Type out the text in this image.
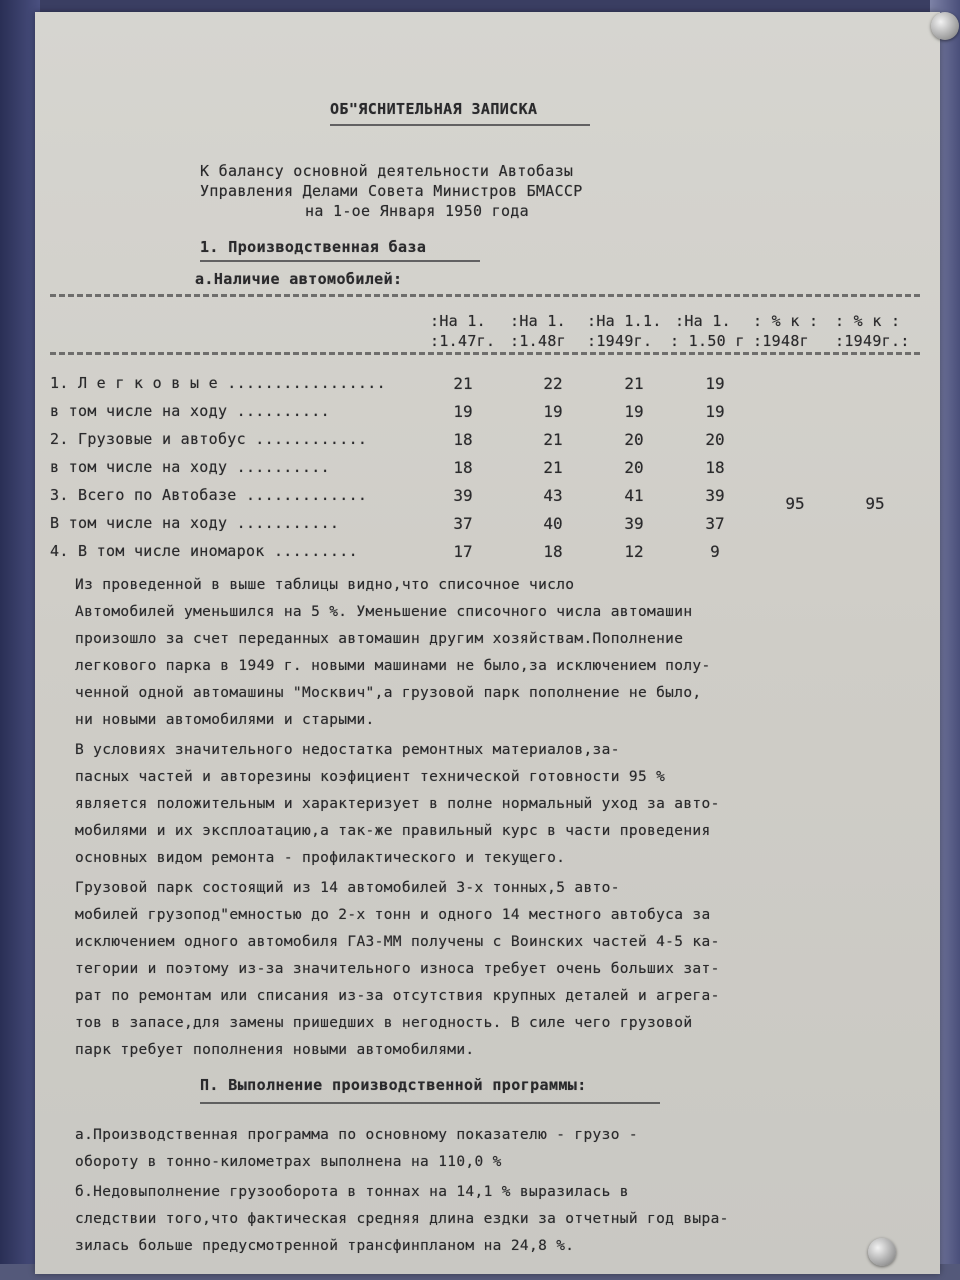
ОБ"ЯСНИТЕЛЬНАЯ ЗАПИСКА
К балансу основной деятельности Автобазы
Управления Делами Совета Министров БМАССР
на 1-ое Января 1950 года
1. Производственная база
а.Наличие автомобилей:
:На 1. :На 1. :На 1.1. :На 1. : % к : : % к :
:1.47г. :1.48г :1949г. : 1.50 г :1948г :1949г.:
1. Л е г к о в ы е .................	21	22	21	19
в том числе на ходу ..........	19	19	19	19
2. Грузовые и автобус ............	18	21	20	20
в том числе на ходу ..........	18	21	20	18
3. Всего по Автобазе .............	39	43	41	39	95	95
В том числе на ходу ...........	37	40	39	37
4. В том числе иномарок .........	17	18	12	9
Из проведенной в выше таблицы видно,что списочное число
Автомобилей уменьшился на 5 %. Уменьшение списочного числа автомашин
произошло за счет переданных автомашин другим хозяйствам.Пополнение
легкового парка в 1949 г. новыми машинами не было,за исключением полу-
ченной одной автомашины "Москвич",а грузовой парк пополнение не было,
ни новыми автомобилями и старыми.
В условиях значительного недостатка ремонтных материалов,за-
пасных частей и авторезины коэфициент технической готовности 95 %
является положительным и характеризует в полне нормальный уход за авто-
мобилями и их эксплоатацию,а так-же правильный курс в части проведения
основных видом ремонта - профилактического и текущего.
Грузовой парк состоящий из 14 автомобилей 3-х тонных,5 авто-
мобилей грузопод"емностью до 2-х тонн и одного 14 местного автобуса за
исключением одного автомобиля ГАЗ-ММ получены с Воинских частей 4-5 ка-
тегории и поэтому из-за значительного износа требует очень больших зат-
рат по ремонтам или списания из-за отсутствия крупных деталей и агрега-
тов в запасе,для замены пришедших в негодность. В силе чего грузовой
парк требует пополнения новыми автомобилями.
П. Выполнение производственной программы:
а.Производственная программа по основному показателю - грузо -
обороту в тонно-километрах выполнена на 110,0 %
б.Недовыполнение грузооборота в тоннах на 14,1 % выразилась в
следствии того,что фактическая средняя длина ездки за отчетный год выра-
зилась больше предусмотренной трансфинпланом на 24,8 %.
